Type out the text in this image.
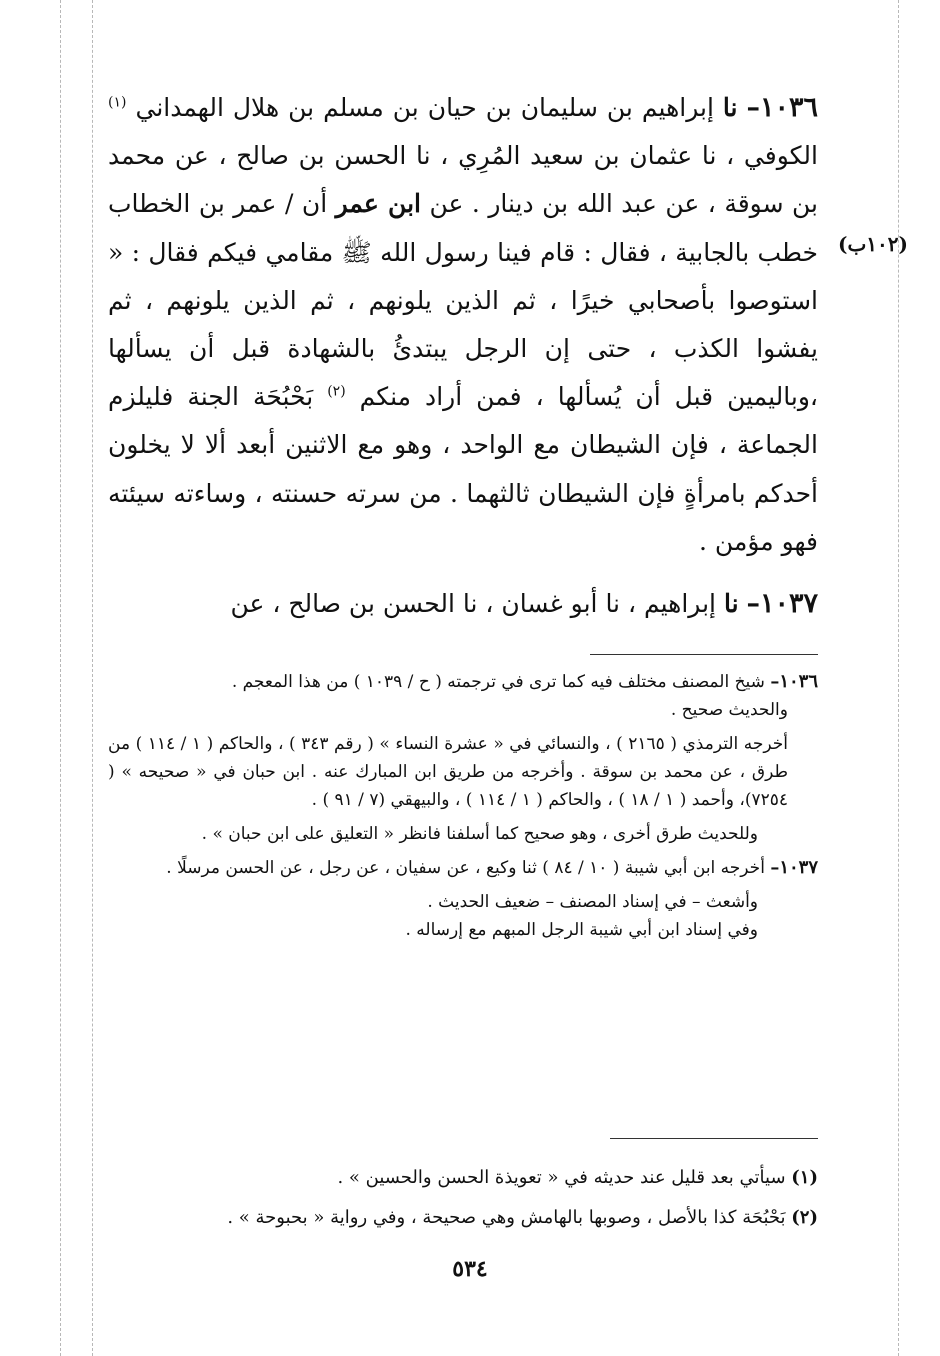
(١٠٢ب)

١٠٣٦– نا إبراهيم بن سليمان بن حيان بن مسلم بن هلال الهمداني $^{(١)}$ الكوفي ، نا عثمان بن سعيد المُرِي ، نا الحسن بن صالح ، عن محمد بن سوقة ، عن عبد الله بن دينار . عن ابن عمر أن / عمر بن الخطاب خطب بالجابية ، فقال : قام فينا رسول الله ﷺ مقامي فيكم فقال : « استوصوا بأصحابي خيرًا ، ثم الذين يلونهم ، ثم الذين يلونهم ، ثم يفشوا الكذب ، حتى إن الرجل يبتدئُ بالشهادة قبل أن يسألها ،وباليمين قبل أن يُسألها ، فمن أراد منكم $^{(٢)}$ بَحْبُحَة الجنة فليلزم الجماعة ، فإن الشيطان مع الواحد ، وهو مع الاثنين أبعد ألا لا يخلون أحدكم بامرأةٍ فإن الشيطان ثالثهما . من سرته حسنته ، وساءته سيئته فهو مؤمن .

١٠٣٧– نا إبراهيم ، نا أبو غسان ، نا الحسن بن صالح ، عن

١٠٣٦– شيخ المصنف مختلف فيه كما ترى في ترجمته ( ح / ١٠٣٩ ) من هذا المعجم .

والحديث صحيح .

أخرجه الترمذي ( ٢١٦٥ ) ، والنسائي في « عشرة النساء » ( رقم ٣٤٣ ) ، والحاكم ( ١ / ١١٤ ) من طرق ، عن محمد بن سوقة . وأخرجه من طريق ابن المبارك عنه . ابن حبان في « صحيحه » ( ٧٢٥٤)، وأحمد ( ١ / ١٨ ) ، والحاكم ( ١ / ١١٤ ) ، والبيهقي (٧ / ٩١ ) .

وللحديث طرق أخرى ، وهو صحيح كما أسلفنا فانظر « التعليق على ابن حبان » .

١٠٣٧– أخرجه ابن أبي شيبة ( ١٠ / ٨٤ ) ثنا وكيع ، عن سفيان ، عن رجل ، عن الحسن مرسلًا .

وأشعث – في إسناد المصنف – ضعيف الحديث .

وفي إسناد ابن أبي شيبة الرجل المبهم مع إرساله .

(١) سيأتي بعد قليل عند حديثه في « تعويذة الحسن والحسين » .

(٢) بَحْبُحَة كذا بالأصل ، وصوبها بالهامش وهي صحيحة ، وفي رواية « بحبوحة » .

٥٣٤
